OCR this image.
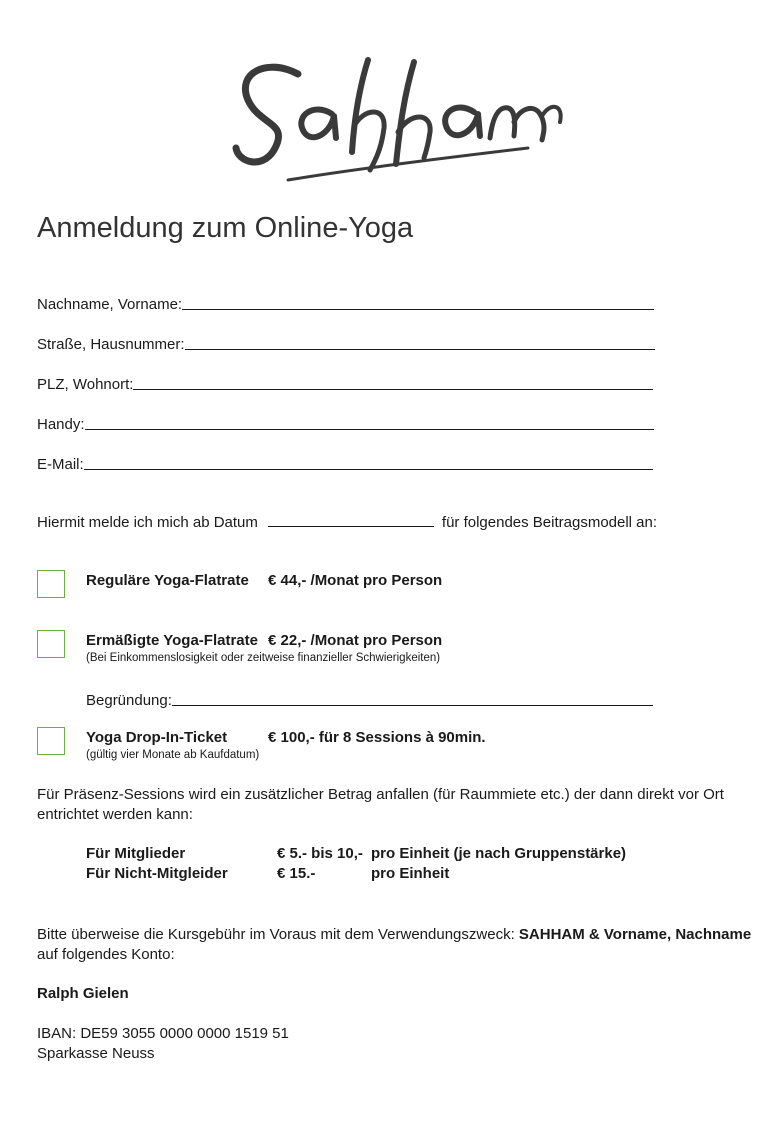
Anmeldung zum Online-Yoga
Nachname, Vorname:
Straße, Hausnummer:
PLZ, Wohnort:
Handy:
E-Mail:
Hiermit melde ich mich ab Datum	für folgendes Beitragsmodell an:
Reguläre Yoga-Flatrate € 44,- /Monat pro Person
Ermäßigte Yoga-Flatrate € 22,- /Monat pro Person
(Bei Einkommenslosigkeit oder zeitweise finanzieller Schwierigkeiten)
Begründung:
Yoga Drop-In-Ticket	€ 100,- für 8 Sessions à 90min.
(gültig vier Monate ab Kaufdatum)
Für Präsenz-Sessions wird ein zusätzlicher Betrag anfallen (für Raummiete etc.) der dann direkt vor Ort entrichtet werden kann:
Für Mitglieder	€ 5.- bis 10,- pro Einheit (je nach Gruppenstärke)
Für Nicht-Mitgleider	€ 15.-	pro Einheit
Bitte überweise die Kursgebühr im Voraus mit dem Verwendungszweck: SAHHAM & Vorname, Nachname auf folgendes Konto:
Ralph Gielen
IBAN: DE59 3055 0000 0000 1519 51
Sparkasse Neuss
